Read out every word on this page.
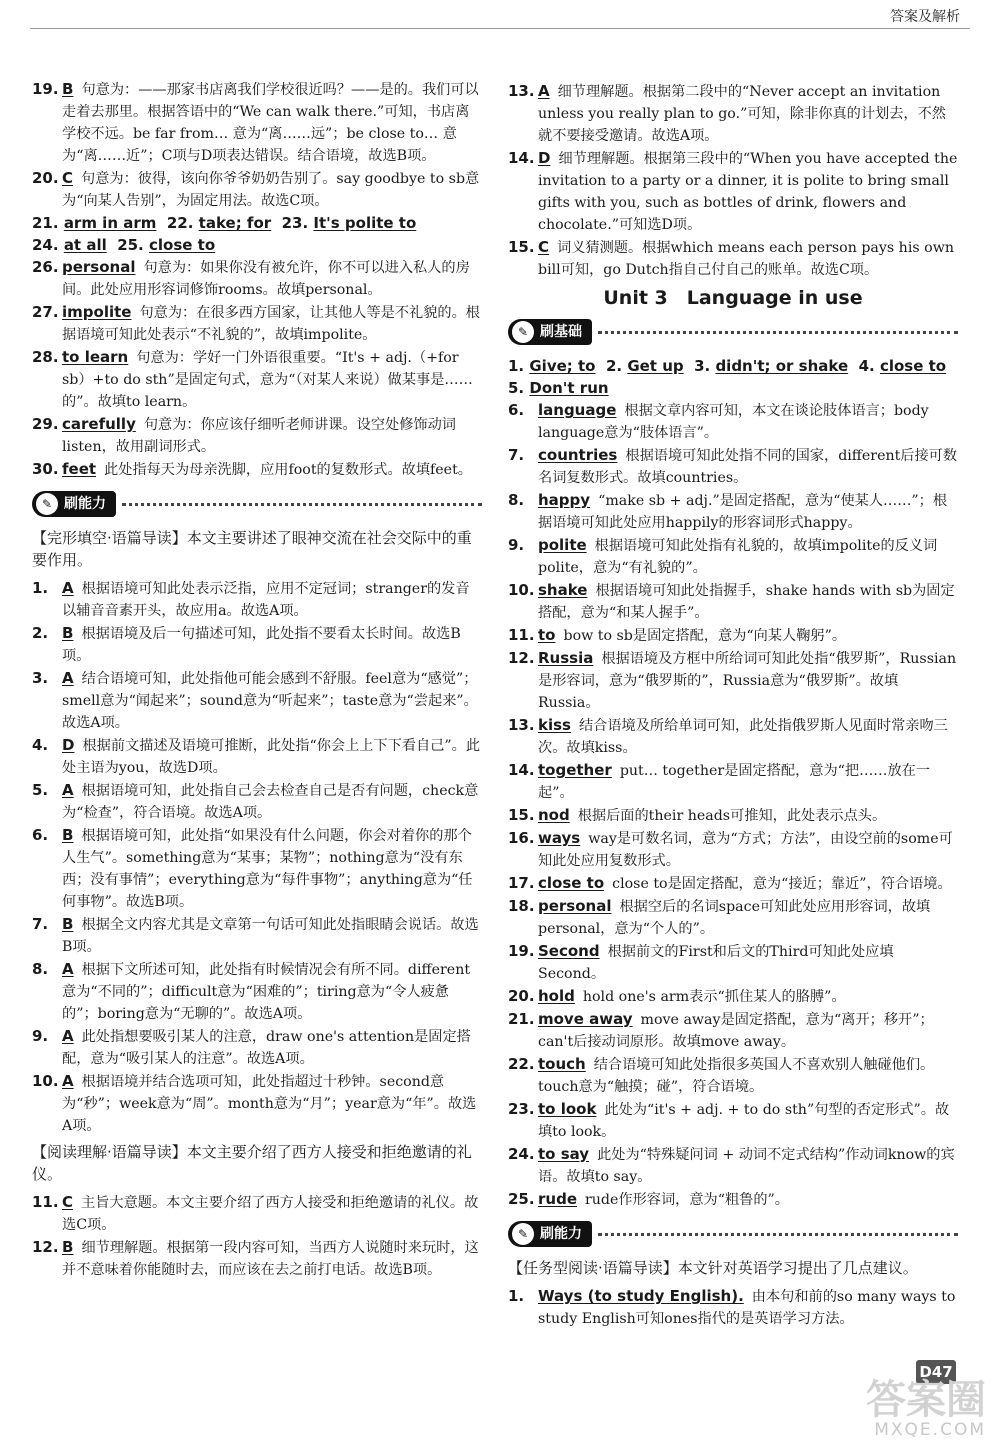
答案及解析
19. B 句意为：——那家书店离我们学校很近吗？——是的。我们可以走着去那里。根据答语中的“We can walk there.”可知，书店离学校不远。be far from… 意为“离……远”；be close to… 意为“离……近”；C项与D项表达错误。结合语境，故选B项。
20. C 句意为：彼得，该向你爷爷奶奶告别了。say goodbye to sb意为“向某人告别”，为固定用法。故选C项。
21. arm in arm 22. take; for 23. It's polite to
24. at all 25. close to
26. personal 句意为：如果你没有被允许，你不可以进入私人的房间。此处应用形容词修饰rooms。故填personal。
27. impolite 句意为：在很多西方国家，让其他人等是不礼貌的。根据语境可知此处表示“不礼貌的”，故填impolite。
28. to learn 句意为：学好一门外语很重要。“It's + adj.（+for sb）+to do sth”是固定句式，意为“（对某人来说）做某事是……的”。故填to learn。
29. carefully 句意为：你应该仔细听老师讲课。设空处修饰动词listen，故用副词形式。
30. feet 此处指每天为母亲洗脚，应用foot的复数形式。故填feet。
✎ 刷能力
【完形填空·语篇导读】本文主要讲述了眼神交流在社会交际中的重要作用。
1. A 根据语境可知此处表示泛指，应用不定冠词；stranger的发音以辅音音素开头，故应用a。故选A项。
2. B 根据语境及后一句描述可知，此处指不要看太长时间。故选B项。
3. A 结合语境可知，此处指他可能会感到不舒服。feel意为“感觉”；smell意为“闻起来”；sound意为“听起来”；taste意为“尝起来”。故选A项。
4. D 根据前文描述及语境可推断，此处指“你会上上下下看自己”。此处主语为you，故选D项。
5. A 根据语境可知，此处指自己会去检查自己是否有问题，check意为“检查”，符合语境。故选A项。
6. B 根据语境可知，此处指“如果没有什么问题，你会对着你的那个人生气”。something意为“某事；某物”；nothing意为“没有东西；没有事情”；everything意为“每件事物”；anything意为“任何事物”。故选B项。
7. B 根据全文内容尤其是文章第一句话可知此处指眼睛会说话。故选B项。
8. A 根据下文所述可知，此处指有时候情况会有所不同。different意为“不同的”；difficult意为“困难的”；tiring意为“令人疲惫的”；boring意为“无聊的”。故选A项。
9. A 此处指想要吸引某人的注意，draw one's attention是固定搭配，意为“吸引某人的注意”。故选A项。
10. A 根据语境并结合选项可知，此处指超过十秒钟。second意为“秒”；week意为“周”。month意为“月”；year意为“年”。故选A项。
【阅读理解·语篇导读】本文主要介绍了西方人接受和拒绝邀请的礼仪。
11. C 主旨大意题。本文主要介绍了西方人接受和拒绝邀请的礼仪。故选C项。
12. B 细节理解题。根据第一段内容可知，当西方人说随时来玩时，这并不意味着你能随时去，而应该在去之前打电话。故选B项。
13. A 细节理解题。根据第二段中的“Never accept an invitation unless you really plan to go.”可知，除非你真的计划去，不然就不要接受邀请。故选A项。
14. D 细节理解题。根据第三段中的“When you have accepted the invitation to a party or a dinner, it is polite to bring small gifts with you, such as bottles of drink, flowers and chocolate.”可知选D项。
15. C 词义猜测题。根据which means each person pays his own bill可知，go Dutch指自己付自己的账单。故选C项。
Unit 3　Language in use
✎ 刷基础
1. Give; to 2. Get up 3. didn't; or shake 4. close to
5. Don't run
6. language 根据文章内容可知，本文在谈论肢体语言；body language意为“肢体语言”。
7. countries 根据语境可知此处指不同的国家，different后接可数名词复数形式。故填countries。
8. happy “make sb + adj.”是固定搭配，意为“使某人……”；根据语境可知此处应用happily的形容词形式happy。
9. polite 根据语境可知此处指有礼貌的，故填impolite的反义词polite，意为“有礼貌的”。
10. shake 根据语境可知此处指握手，shake hands with sb为固定搭配，意为“和某人握手”。
11. to bow to sb是固定搭配，意为“向某人鞠躬”。
12. Russia 根据语境及方框中所给词可知此处指“俄罗斯”，Russian是形容词，意为“俄罗斯的”，Russia意为“俄罗斯”。故填Russia。
13. kiss 结合语境及所给单词可知，此处指俄罗斯人见面时常亲吻三次。故填kiss。
14. together put… together是固定搭配，意为“把……放在一起”。
15. nod 根据后面的their heads可推知，此处表示点头。
16. ways way是可数名词，意为“方式；方法”，由设空前的some可知此处应用复数形式。
17. close to close to是固定搭配，意为“接近；靠近”，符合语境。
18. personal 根据空后的名词space可知此处应用形容词，故填personal，意为“个人的”。
19. Second 根据前文的First和后文的Third可知此处应填Second。
20. hold hold one's arm表示“抓住某人的胳膊”。
21. move away move away是固定搭配，意为“离开；移开”；can't后接动词原形。故填move away。
22. touch 结合语境可知此处指很多英国人不喜欢别人触碰他们。touch意为“触摸；碰”，符合语境。
23. to look 此处为“it's + adj. + to do sth”句型的否定形式”。故填to look。
24. to say 此处为“特殊疑问词 + 动词不定式结构”作动词know的宾语。故填to say。
25. rude rude作形容词，意为“粗鲁的”。
✎ 刷能力
【任务型阅读·语篇导读】本文针对英语学习提出了几点建议。
1. Ways (to study English). 由本句和前的so many ways to study English可知ones指代的是英语学习方法。
D47
答案圈
MXQE.COM
